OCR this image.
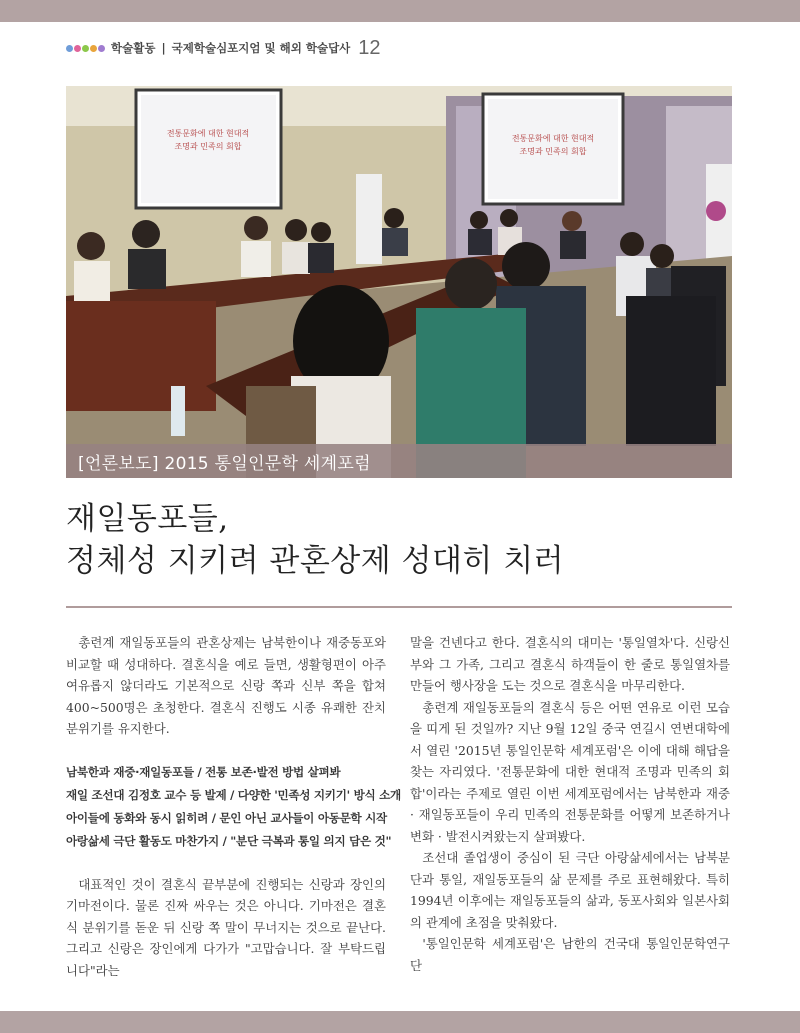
학술활동 | 국제학술심포지엄 및 해외 학술답사 12
전통문화에 대한 현대적
조명과 민족의 회합
전통문화에 대한 현대적
조명과 민족의 회합
[언론보도] 2015 통일인문학 세계포럼
재일동포들,
정체성 지키려 관혼상제 성대히 치러

총련계 재일동포들의 관혼상제는 남북한이나 재중동포와 비교할 때 성대하다. 결혼식을 예로 들면, 생활형편이 아주 여유롭지 않더라도 기본적으로 신랑 쪽과 신부 쪽을 합쳐 400~500명은 초청한다. 결혼식 진행도 시종 유쾌한 잔치 분위기를 유지한다.

남북한과 재중·재일동포들 / 전통 보존·발전 방법 살펴봐
재일 조선대 김정호 교수 등 발제 / 다양한 '민족성 지키기' 방식 소개
아이들에 동화와 동시 읽히려 / 문인 아닌 교사들이 아동문학 시작
아랑삶세 극단 활동도 마찬가지 / "분단 극복과 통일 의지 담은 것"

대표적인 것이 결혼식 끝부분에 진행되는 신랑과 장인의 기마전이다. 물론 진짜 싸우는 것은 아니다. 기마전은 결혼식 분위기를 돋운 뒤 신랑 쪽 말이 무너지는 것으로 끝난다. 그리고 신랑은 장인에게 다가가 "고맙습니다. 잘 부탁드립니다"라는

말을 건넨다고 한다. 결혼식의 대미는 '통일열차'다. 신랑신부와 그 가족, 그리고 결혼식 하객들이 한 줄로 통일열차를 만들어 행사장을 도는 것으로 결혼식을 마무리한다.

총련계 재일동포들의 결혼식 등은 어떤 연유로 이런 모습을 띠게 된 것일까? 지난 9월 12일 중국 연길시 연변대학에서 열린 '2015년 통일인문학 세계포럼'은 이에 대해 해답을 찾는 자리였다. '전통문화에 대한 현대적 조명과 민족의 회합'이라는 주제로 열린 이번 세계포럼에서는 남북한과 재중 · 재일동포들이 우리 민족의 전통문화를 어떻게 보존하거나 변화 · 발전시켜왔는지 살펴봤다.

조선대 졸업생이 중심이 된 극단 아랑삶세에서는 남북분단과 통일, 재일동포들의 삶 문제를 주로 표현해왔다. 특히 1994년 이후에는 재일동포들의 삶과, 동포사회와 일본사회의 관계에 초점을 맞춰왔다.

'통일인문학 세계포럼'은 남한의 건국대 통일인문학연구단
